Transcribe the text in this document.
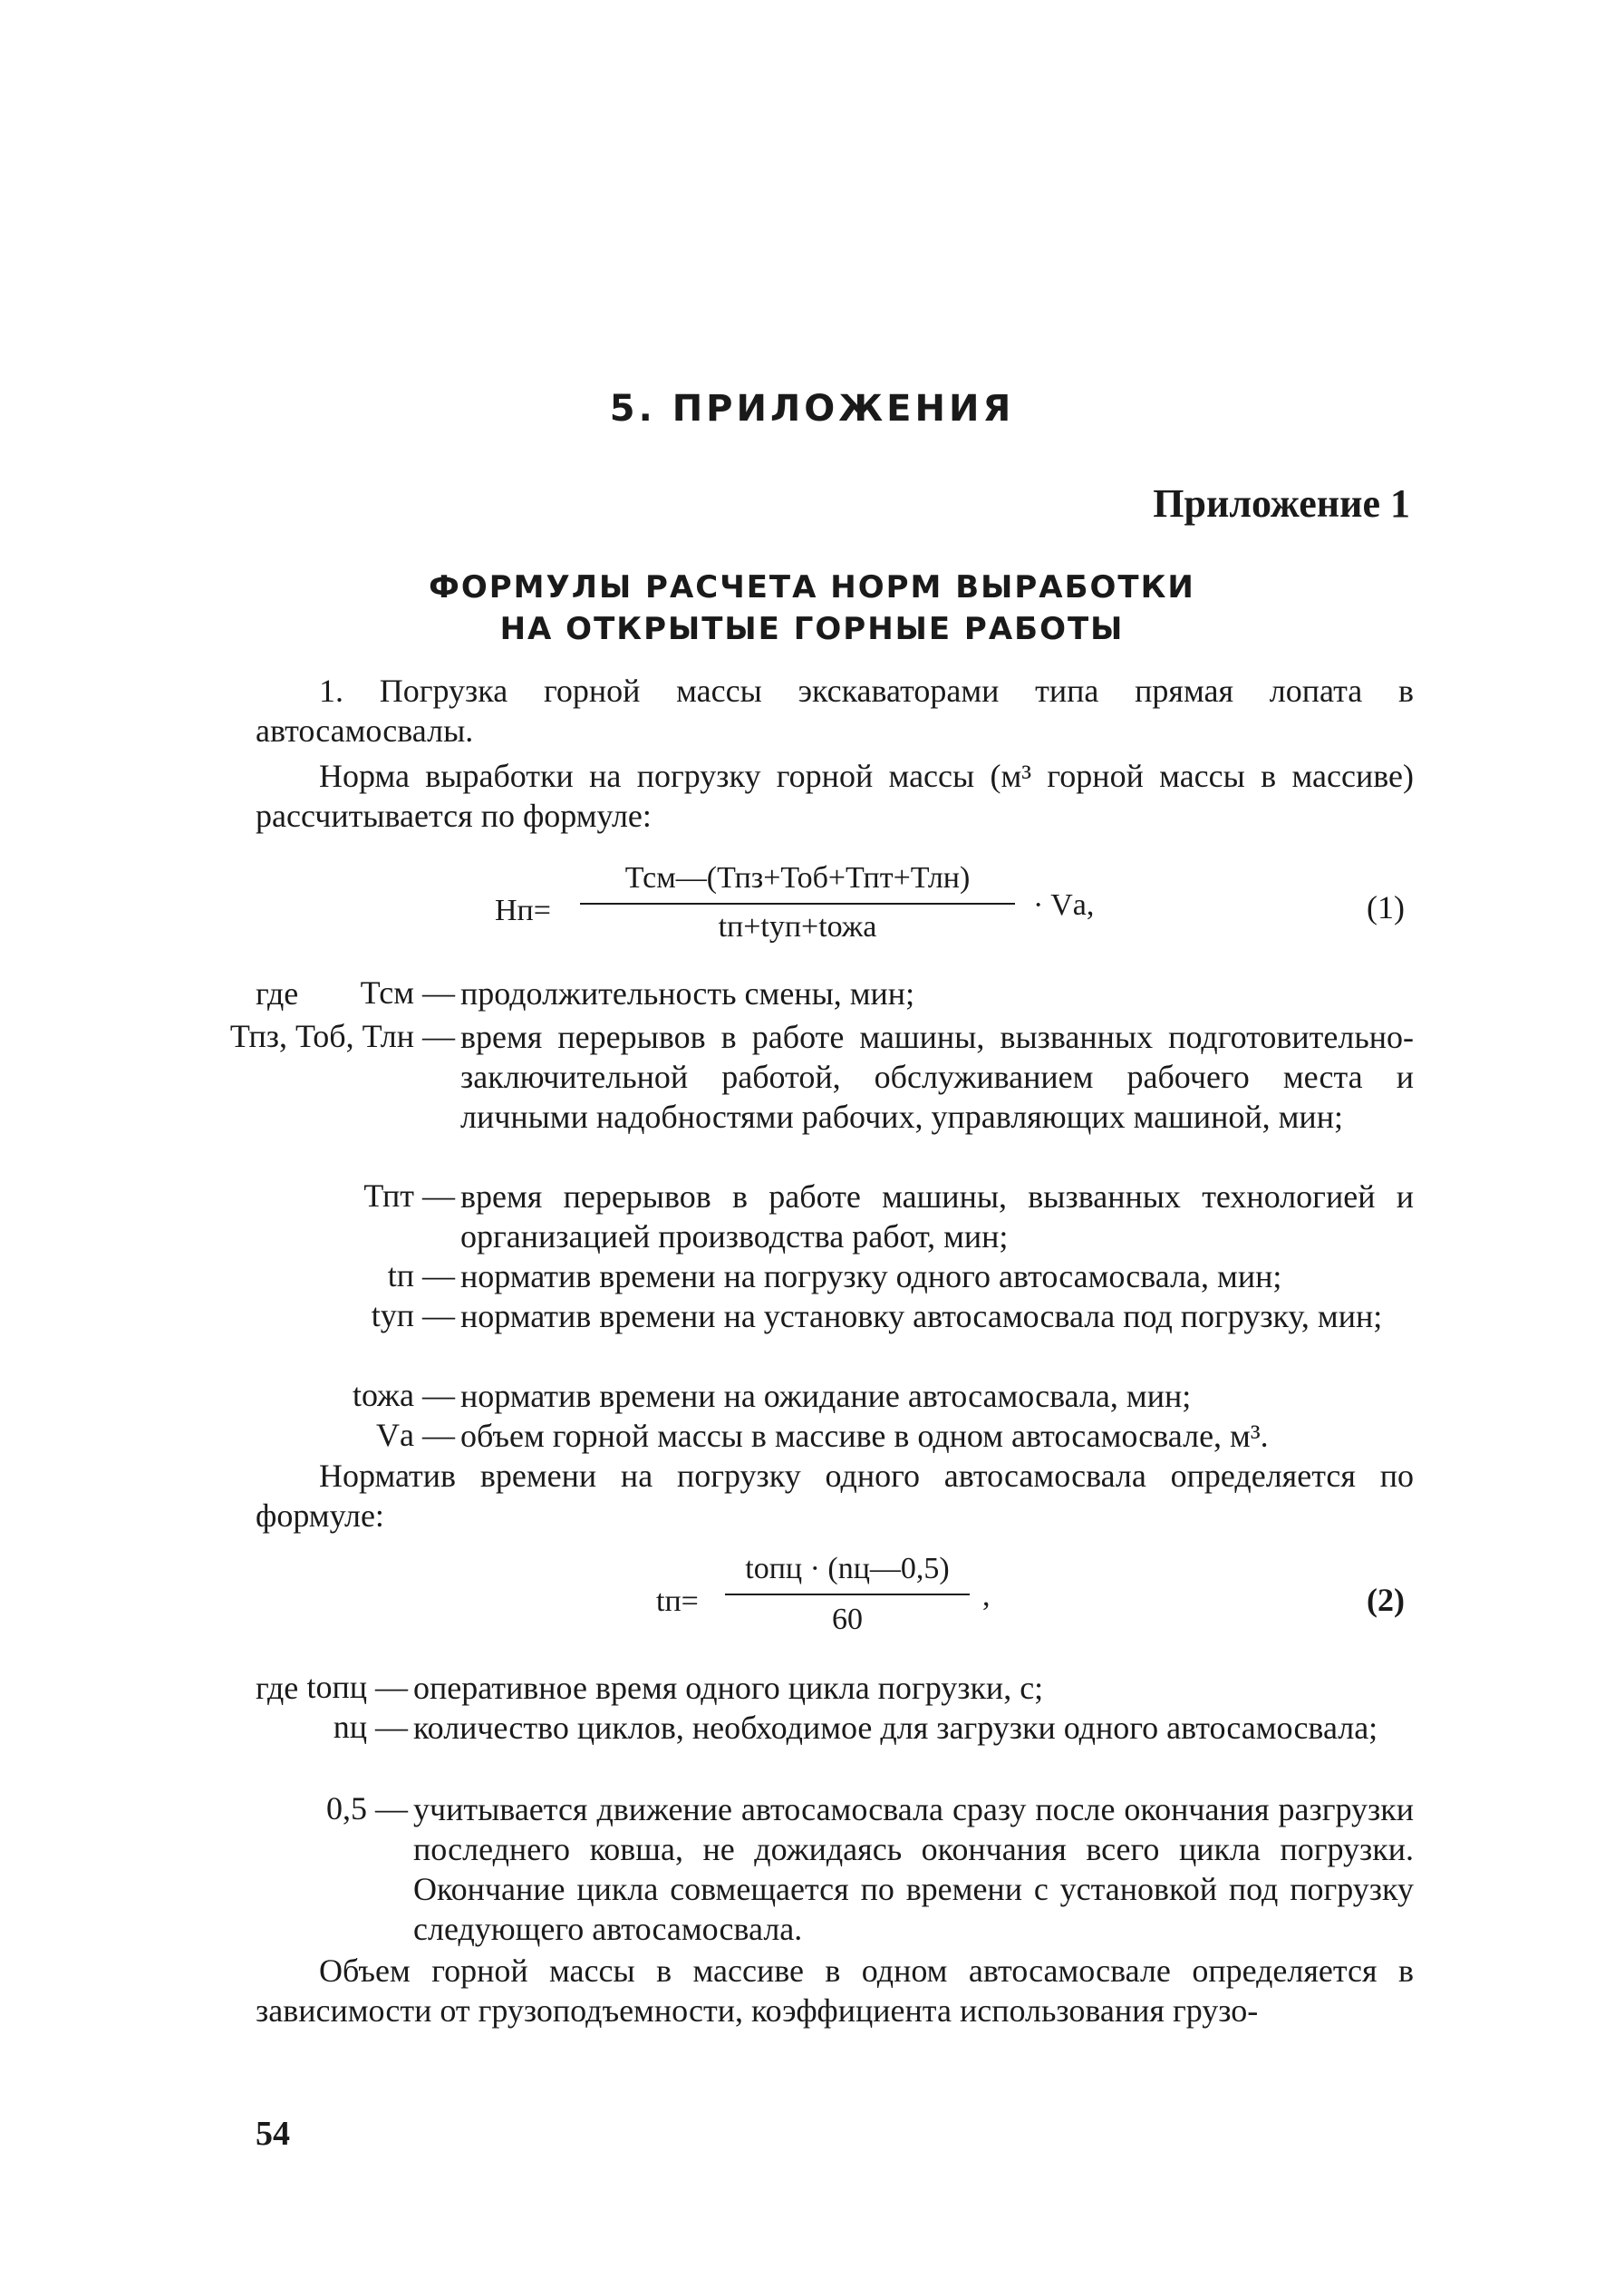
5. ПРИЛОЖЕНИЯ
Приложение 1
ФОРМУЛЫ РАСЧЕТА НОРМ ВЫРАБОТКИ
НА ОТКРЫТЫЕ ГОРНЫЕ РАБОТЫ
1. Погрузка горной массы экскаваторами типа прямая лопата в автосамосвалы.
Норма выработки на погрузку горной массы (м³ горной массы в массиве) рассчитывается по формуле:
Нп=
Тсм—(Тпз+Тоб+Тпт+Тлн)
tп+tуп+tожа
· Vа,	(1)
где Тсм — продолжительность смены, мин;
Тпз, Тоб, Тлн — время перерывов в работе машины, вызванных подготовительно-заключительной работой, обслуживанием рабочего места и личными надобностями рабочих, управляющих машиной, мин;
Тпт — время перерывов в работе машины, вызванных технологией и организацией производства работ, мин;
tп — норматив времени на погрузку одного автосамосвала, мин;
tуп — норматив времени на установку автосамосвала под погрузку, мин;
tожа — норматив времени на ожидание автосамосвала, мин;
Vа — объем горной массы в массиве в одном автосамосвале, м³.
Норматив времени на погрузку одного автосамосвала определяется по формуле:
tп=
tопц · (nц—0,5)
60
,	(2)
где tопц — оперативное время одного цикла погрузки, с;
nц — количество циклов, необходимое для загрузки одного автосамосвала;
0,5 — учитывается движение автосамосвала сразу после окончания разгрузки последнего ковша, не дожидаясь окончания всего цикла погрузки. Окончание цикла совмещается по времени с установкой под погрузку следующего автосамосвала.
Объем горной массы в массиве в одном автосамосвале определяется в зависимости от грузоподъемности, коэффициента использования грузо-
54
